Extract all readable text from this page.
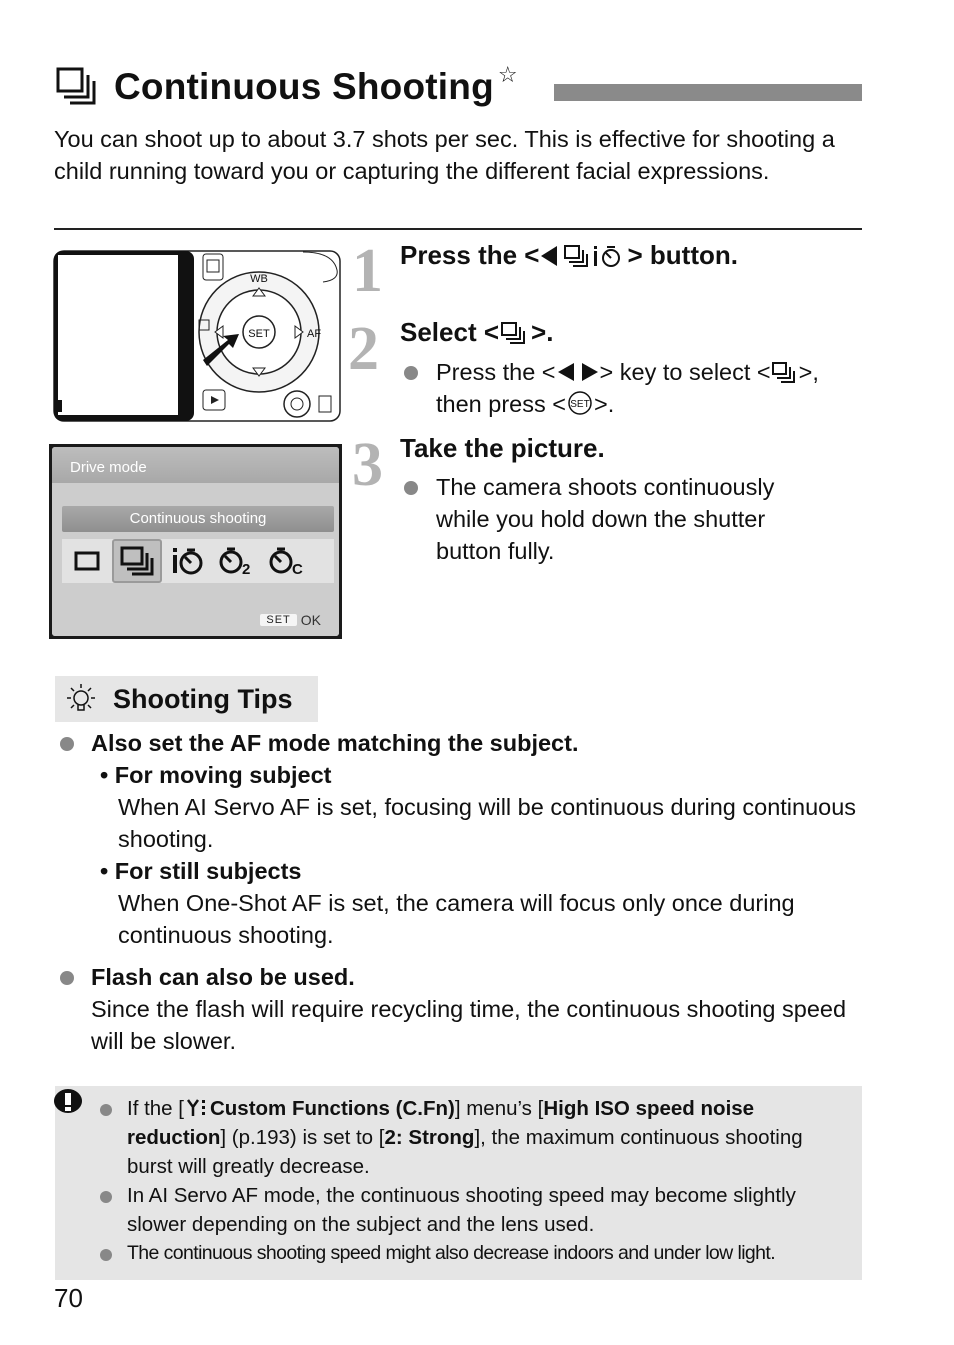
Continuous Shooting ☆
You can shoot up to about 3.7 shots per sec. This is effective for shooting a child running toward you or capturing the different facial expressions.
SET
WB
AF
Drive mode
Continuous shooting
2	C
SET OK
1 Press the <	> button.
2 Select < >.
Press the < > key to select < >,
then press < SET >.
3 Take the picture.
The camera shoots continuously while you hold down the shutter button fully.
Shooting Tips
Also set the AF mode matching the subject.
• For moving subject
When AI Servo AF is set, focusing will be continuous during continuous shooting.
• For still subjects
When One-Shot AF is set, the camera will focus only once during continuous shooting.
Flash can also be used.
Since the flash will require recycling time, the continuous shooting speed will be slower.
If the [ Custom Functions (C.Fn)] menu’s [High ISO speed noise reduction] (p.193) is set to [2: Strong], the maximum continuous shooting burst will greatly decrease.
In AI Servo AF mode, the continuous shooting speed may become slightly slower depending on the subject and the lens used.
The continuous shooting speed might also decrease indoors and under low light.
70
